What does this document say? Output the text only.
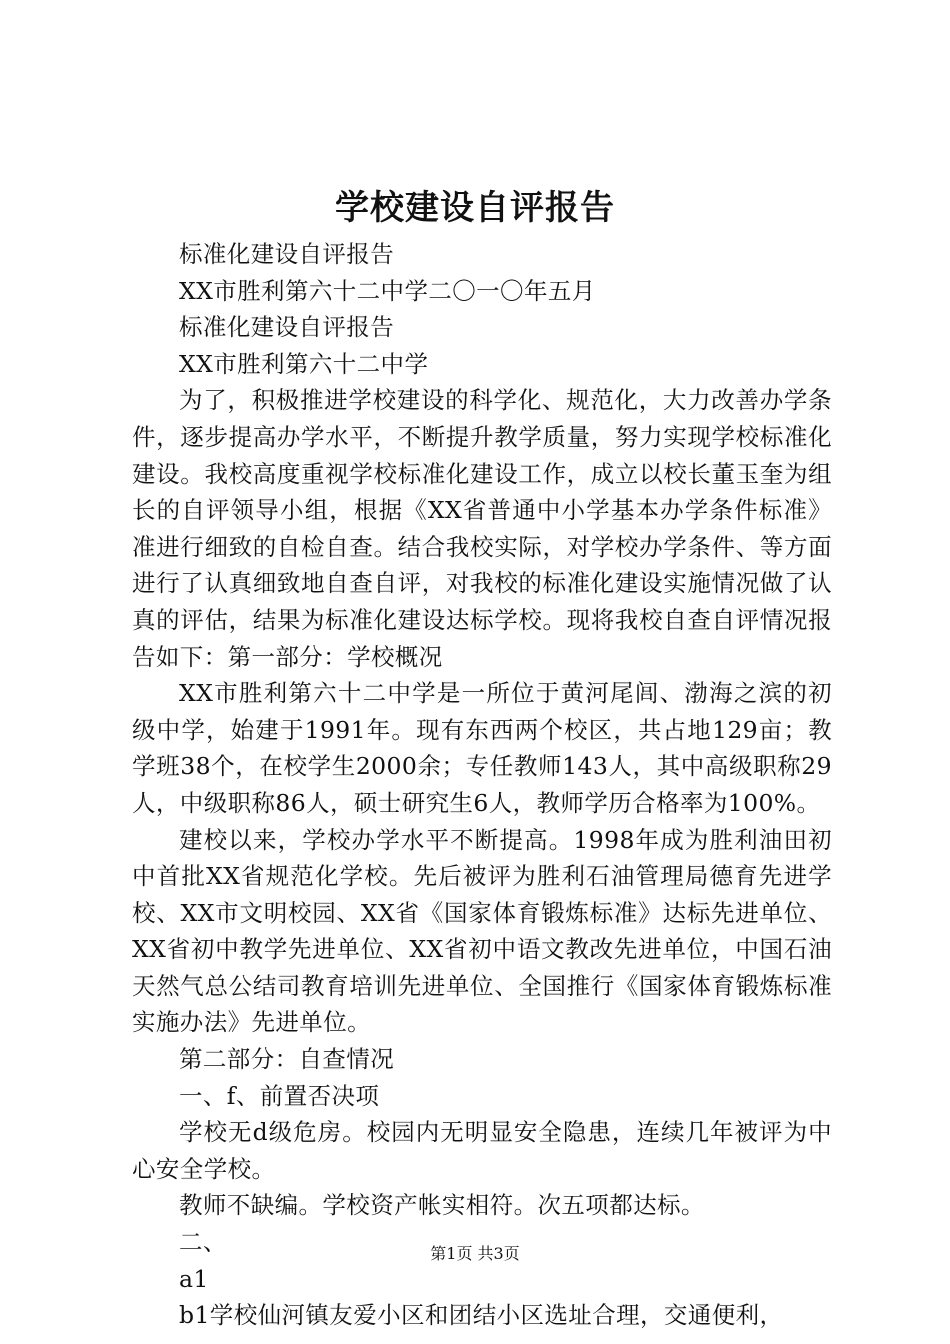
学校建设自评报告

标准化建设自评报告

XX市胜利第六十二中学二〇一〇年五月

标准化建设自评报告

XX市胜利第六十二中学

为了，积极推进学校建设的科学化、规范化，大力改善办学条件，逐步提高办学水平，不断提升教学质量，努力实现学校标准化建设。我校高度重视学校标准化建设工作，成立以校长董玉奎为组长的自评领导小组，根据《XX省普通中小学基本办学条件标准》准进行细致的自检自查。结合我校实际，对学校办学条件、等方面进行了认真细致地自查自评，对我校的标准化建设实施情况做了认真的评估，结果为标准化建设达标学校。现将我校自查自评情况报告如下：第一部分：学校概况

XX市胜利第六十二中学是一所位于黄河尾闾、渤海之滨的初级中学，始建于1991年。现有东西两个校区，共占地129亩；教学班38个，在校学生2000余；专任教师143人，其中高级职称29人，中级职称86人，硕士研究生6人，教师学历合格率为100%。

建校以来，学校办学水平不断提高。1998年成为胜利油田初中首批XX省规范化学校。先后被评为胜利石油管理局德育先进学校、XX市文明校园、XX省《国家体育锻炼标准》达标先进单位、XX省初中教学先进单位、XX省初中语文教改先进单位，中国石油天然气总公结司教育培训先进单位、全国推行《国家体育锻炼标准实施办法》先进单位。

第二部分：自查情况

一、f、前置否决项

学校无d级危房。校园内无明显安全隐患，连续几年被评为中心安全学校。

教师不缺编。学校资产帐实相符。次五项都达标。

二、

a1

b1学校仙河镇友爱小区和团结小区选址合理，交通便利，

第1页 共3页
